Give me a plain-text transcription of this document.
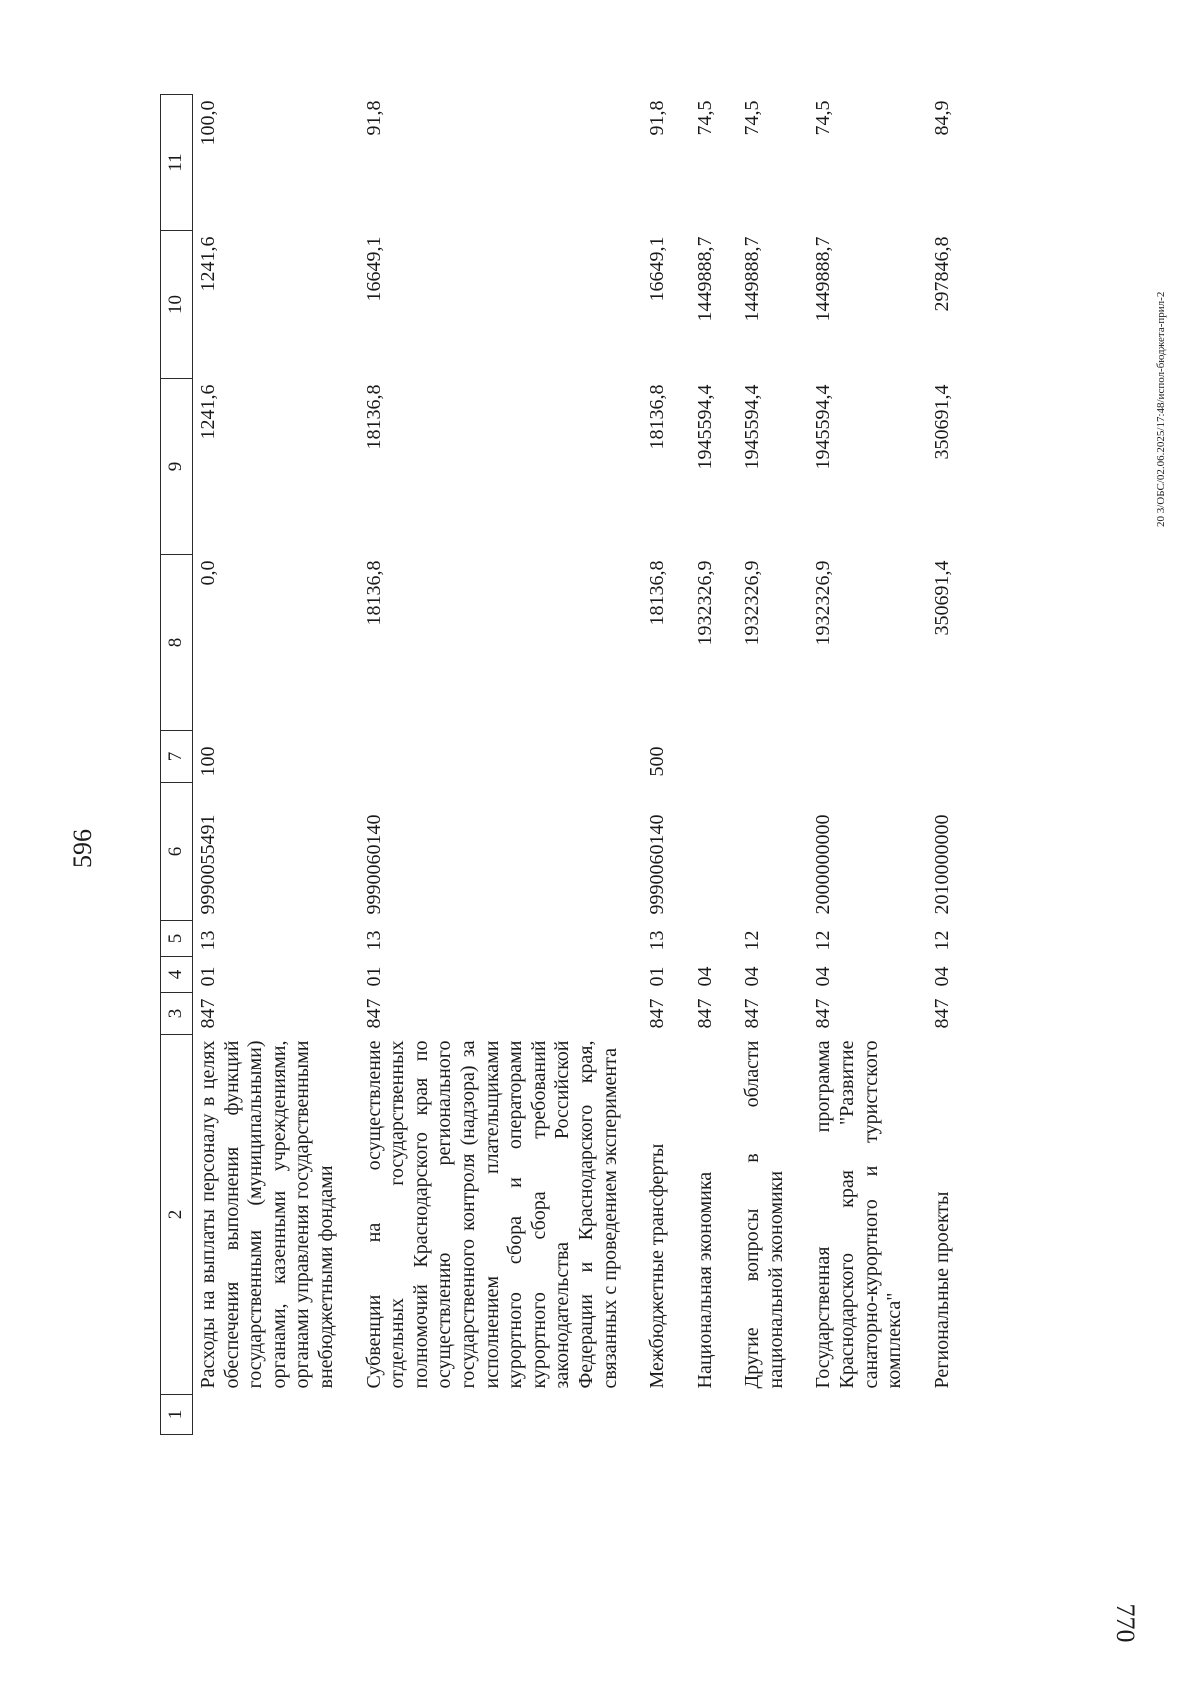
596
1	2	3	4	5	6	7	8	9	10	11
	Расходы на выплаты персоналу в целях обеспечения выполнения функций государственными (муниципальными) органами, казенными учреждениями, органами управления государственными внебюджетными фондами	847	01	13	9990055491	100	0,0	1241,6	1241,6	100,0
	Субвенции на осуществление отдельных государственных полномочий Краснодарского края по осуществлению регионального государственного контроля (надзора) за исполнением плательщиками курортного сбора и операторами курортного сбора требований законодательства Российской Федерации и Краснодарского края, связанных с проведением эксперимента	847	01	13	9990060140		18136,8	18136,8	16649,1	91,8
	Межбюджетные трансферты	847	01	13	9990060140	500	18136,8	18136,8	16649,1	91,8
	Национальная экономика	847	04				1932326,9	1945594,4	1449888,7	74,5
	Другие вопросы в области национальной экономики	847	04	12			1932326,9	1945594,4	1449888,7	74,5
	Государственная программа Краснодарского края "Развитие санаторно-курортного и туристского комплекса"	847	04	12	2000000000		1932326,9	1945594,4	1449888,7	74,5
	Региональные проекты	847	04	12	2010000000		350691,4	350691,4	297846,8	84,9
20 3/ОБС/02.06.2025/17:48/испол-бюджета-прил-2
770
